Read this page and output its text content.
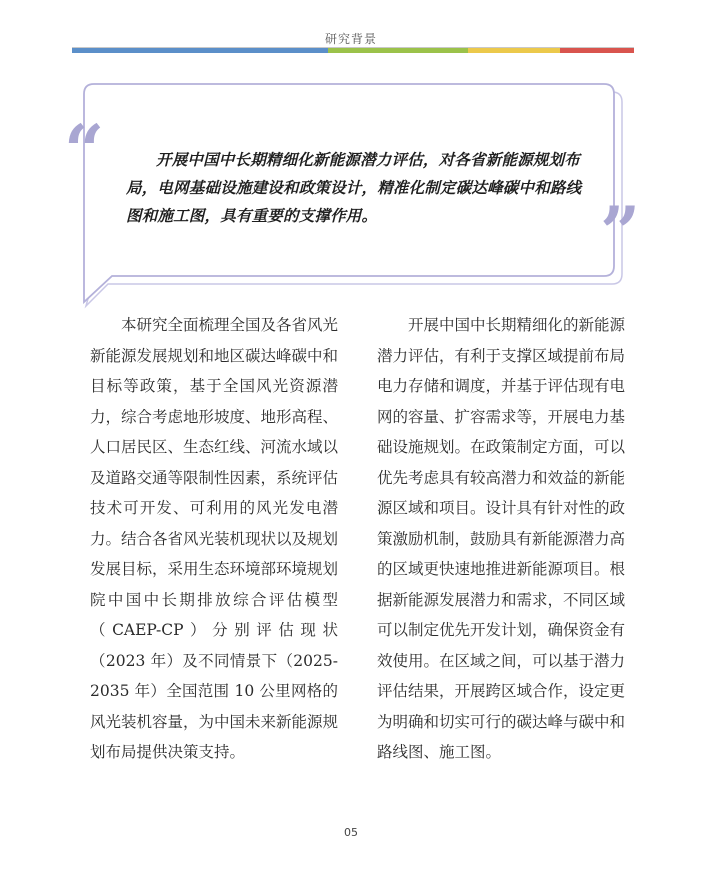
研究背景
“	开展中国中长期精细化新能源潜力评估，对各省新能源规划布局，电网基础设施建设和政策设计，精准化制定碳达峰碳中和路线图和施工图，具有重要的支撑作用。	”
本研究全面梳理全国及各省风光新能源发展规划和地区碳达峰碳中和目标等政策，基于全国风光资源潜力，综合考虑地形坡度、地形高程、人口居民区、生态红线、河流水域以及道路交通等限制性因素，系统评估技术可开发、可利用的风光发电潜力。结合各省风光装机现状以及规划发展目标，采用生态环境部环境规划院中国中长期排放综合评估模型（CAEP-CP）分别评估现状（2023 年）及不同情景下（2025-2035 年）全国范围 10 公里网格的风光装机容量，为中国未来新能源规划布局提供决策支持。
开展中国中长期精细化的新能源潜力评估，有利于支撑区域提前布局电力存储和调度，并基于评估现有电网的容量、扩容需求等，开展电力基础设施规划。在政策制定方面，可以优先考虑具有较高潜力和效益的新能源区域和项目。设计具有针对性的政策激励机制，鼓励具有新能源潜力高的区域更快速地推进新能源项目。根据新能源发展潜力和需求，不同区域可以制定优先开发计划，确保资金有效使用。在区域之间，可以基于潜力评估结果，开展跨区域合作，设定更为明确和切实可行的碳达峰与碳中和路线图、施工图。
05
